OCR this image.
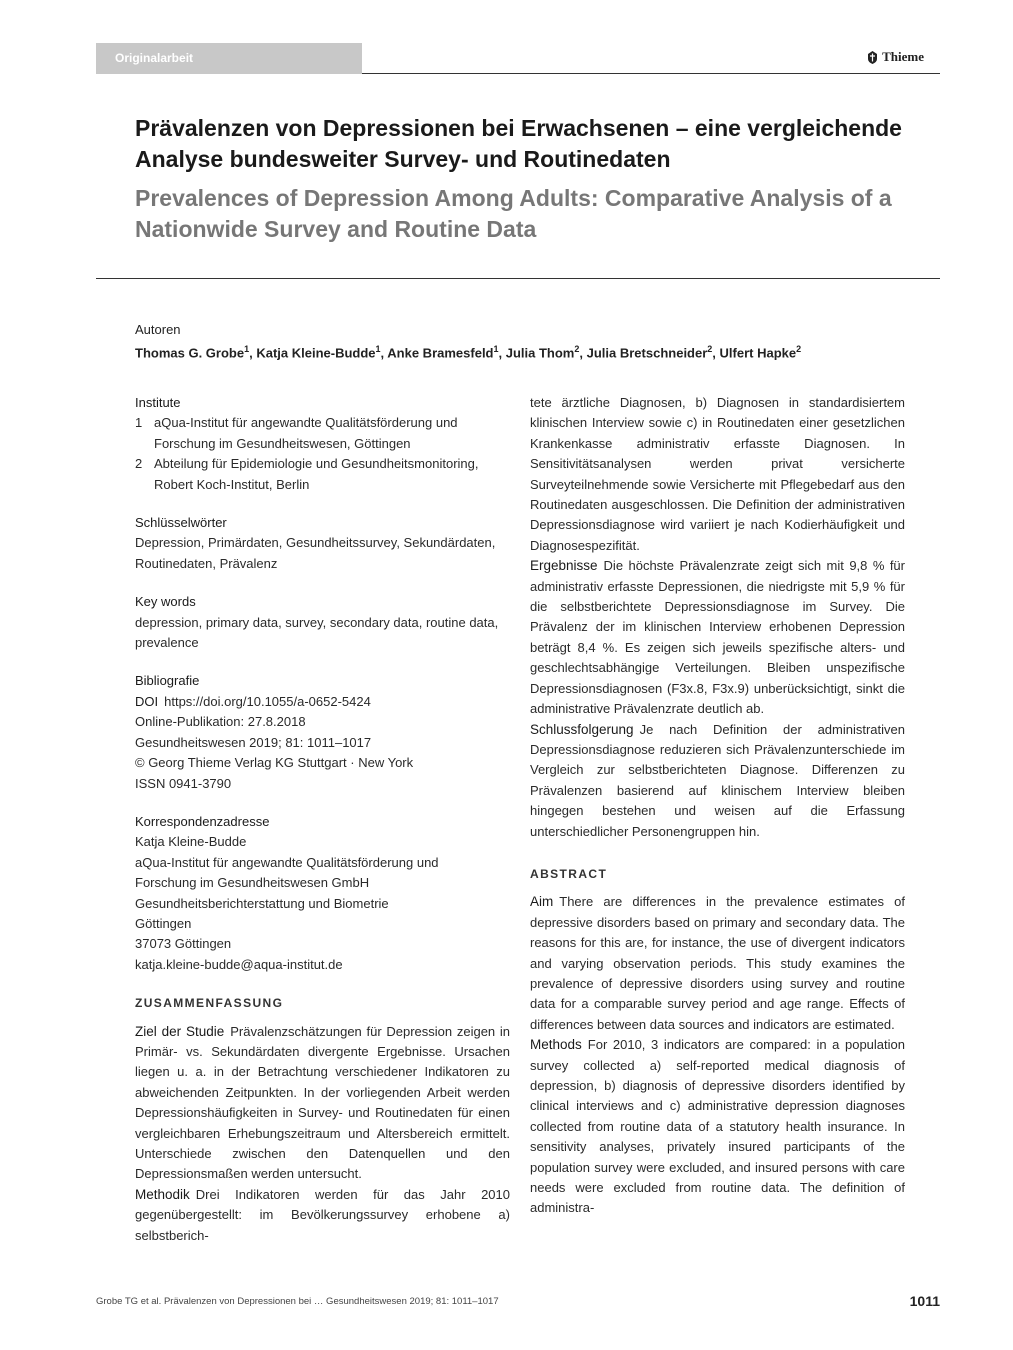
Originalarbeit	Thieme
Prävalenzen von Depressionen bei Erwachsenen – eine vergleichende Analyse bundesweiter Survey- und Routinedaten
Prevalences of Depression Among Adults: Comparative Analysis of a Nationwide Survey and Routine Data
Autoren
Thomas G. Grobe$^1$, Katja Kleine-Budde$^1$, Anke Bramesfeld$^1$, Julia Thom$^2$, Julia Bretschneider$^2$, Ulfert Hapke$^2$
Institute
1 aQua-Institut für angewandte Qualitätsförderung und Forschung im Gesundheitswesen, Göttingen
2 Abteilung für Epidemiologie und Gesundheitsmonitoring, Robert Koch-Institut, Berlin
Schlüsselwörter
Depression, Primärdaten, Gesundheitssurvey, Sekundärdaten, Routinedaten, Prävalenz
Key words
depression, primary data, survey, secondary data, routine data, prevalence
Bibliografie
DOI https://doi.org/10.1055/a-0652-5424
Online-Publikation: 27.8.2018
Gesundheitswesen 2019; 81: 1011–1017
© Georg Thieme Verlag KG Stuttgart · New York
ISSN 0941-3790
Korrespondenzadresse
Katja Kleine-Budde
aQua-Institut für angewandte Qualitätsförderung und
Forschung im Gesundheitswesen GmbH
Gesundheitsberichterstattung und Biometrie
Göttingen
37073 Göttingen
katja.kleine-budde@aqua-institut.de
ZUSAMMENFASSUNG

Ziel der Studie Prävalenzschätzungen für Depression zeigen in Primär- vs. Sekundärdaten divergente Ergebnisse. Ursachen liegen u. a. in der Betrachtung verschiedener Indikatoren zu abweichenden Zeitpunkten. In der vorliegenden Arbeit werden Depressionshäufigkeiten in Survey- und Routinedaten für einen vergleichbaren Erhebungszeitraum und Altersbereich ermittelt. Unterschiede zwischen den Datenquellen und den Depressionsmaßen werden untersucht.

Methodik Drei Indikatoren werden für das Jahr 2010 gegenübergestellt: im Bevölkerungssurvey erhobene a) selbstberich-

tete ärztliche Diagnosen, b) Diagnosen in standardisiertem klinischen Interview sowie c) in Routinedaten einer gesetzlichen Krankenkasse administrativ erfasste Diagnosen. In Sensitivitätsanalysen werden privat versicherte Surveyteilnehmende sowie Versicherte mit Pflegebedarf aus den Routinedaten ausgeschlossen. Die Definition der administrativen Depressionsdiagnose wird variiert je nach Kodierhäufigkeit und Diagnosespezifität.

Ergebnisse Die höchste Prävalenzrate zeigt sich mit 9,8 % für administrativ erfasste Depressionen, die niedrigste mit 5,9 % für die selbstberichtete Depressionsdiagnose im Survey. Die Prävalenz der im klinischen Interview erhobenen Depression beträgt 8,4 %. Es zeigen sich jeweils spezifische alters- und geschlechtsabhängige Verteilungen. Bleiben unspezifische Depressionsdiagnosen (F3x.8, F3x.9) unberücksichtigt, sinkt die administrative Prävalenzrate deutlich ab.

Schlussfolgerung Je nach Definition der administrativen Depressionsdiagnose reduzieren sich Prävalenzunterschiede im Vergleich zur selbstberichteten Diagnose. Differenzen zu Prävalenzen basierend auf klinischem Interview bleiben hingegen bestehen und weisen auf die Erfassung unterschiedlicher Personengruppen hin.

ABSTRACT

Aim There are differences in the prevalence estimates of depressive disorders based on primary and secondary data. The reasons for this are, for instance, the use of divergent indicators and varying observation periods. This study examines the prevalence of depressive disorders using survey and routine data for a comparable survey period and age range. Effects of differences between data sources and indicators are estimated.

Methods For 2010, 3 indicators are compared: in a population survey collected a) self-reported medical diagnosis of depression, b) diagnosis of depressive disorders identified by clinical interviews and c) administrative depression diagnoses collected from routine data of a statutory health insurance. In sensitivity analyses, privately insured participants of the population survey were excluded, and insured persons with care needs were excluded from routine data. The definition of administra-

Grobe TG et al. Prävalenzen von Depressionen bei … Gesundheitswesen 2019; 81: 1011–1017	1011
